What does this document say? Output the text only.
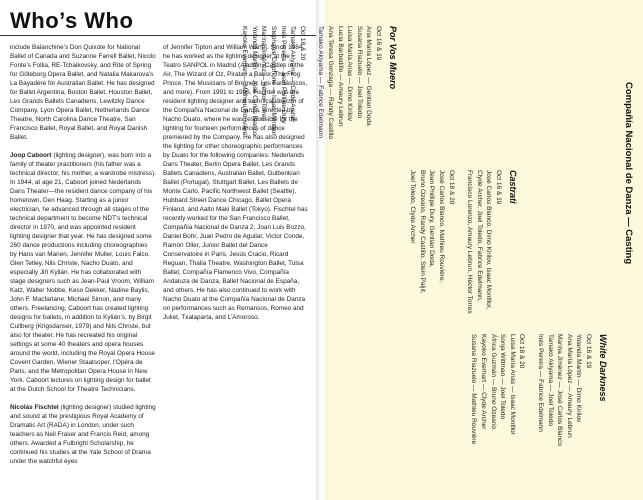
Who’s Who

include Balanchine’s Don Quixote for National Ballet of Canada and Suzanne Farrell Ballet, Nicolo Fonte’s Follia, RE-Tchaikovsky, and Rite of Spring for Göteborg Opera Ballet, and Natalia Makarova’s La Bayadère for Australian Ballet. He has designed for Ballet Argentina, Boston Ballet, Houston Ballet, Les Grands Ballets Canadiens, Lewitzky Dance Company, Lyon Opera Ballet, Netherlands Dance Theatre, North Carolina Dance Theatre, San Francisco Ballet, Royal Ballet, and Royal Danish Ballet.

Joop Caboort (lighting designer), was born into a family of theater practitioners (his father was a technical director, his mother, a wardrobe mistress). In 1944, at age 21, Caboort joined Nederlands Dans Theater—the resident dance company of his hometown, Den Haag. Starting as a junior electrician, he advanced through all stages of the technical department to become NDT’s technical director in 1970, and was appointed resident lighting designer that year. He has designed some 260 dance productions including choreographies by Hans van Manen, Jennifer Muller, Louis Falco, Glen Tetley, Nils Christe, Nacho Duato, and especially Jiří Kylián. He has collaborated with stage designers such as Jean-Paul Vroom, William Katz, Walter Nobbe, Keso Dekker, Nadine Baylis, John F. Macfarlane, Michael Simon, and many others. Freelancing, Caboort has created lighting designs for ballets, in addition to Kylián’s, by Birgit Cullberg (Krigsdanser, 1979) and Nils Christe, but also for theater. He has recreated his original settings at some 40 theaters and opera houses around the world, including the Royal Opera House Covent Garden, Wiener Staatsoper, l’Opéra de Paris, and the Metropolitan Opera House in New York. Caboort lectures on lighting design for ballet at the Dutch School for Theatre Technicians.

Nicolás Fischtel (lighting designer) studied lighting and sound at the prestigious Royal Academy of Dramatic Art (RADA) in London, under such teachers as Neil Fraser and Francis Reid, among others. Awarded a Fulbright Scholarship, he continued his studies at the Yale School of Drama under the watchful eyes

of Jennifer Tipton and William Warfel. Since 1984 he has worked as the lighting designer at the Teatro SANPOL in Madrid (Aladdin, Castles in the Air, The Wizard of Oz, Piratas a Babor, The Frog Prince, The Musicians of Bremen, Los Fantásticos, and more). From 1991 to 1996, Fischtel was the resident lighting designer and technical director of the Compañía Nacional de Danza, directed by Nacho Duato, where he was responsible for the lighting for fourteen performances of dance premiered by the Company. He has also designed the lighting for other choreographic performances by Duato for the following companies: Nederlands Dans Theater, Berlin Opera Ballet, Les Grands Ballets Canadiens, Australian Ballet, Gulbenkian Ballet (Portugal), Stuttgart Ballet, Les Ballets de Monte Carlo, Pacific Northwest Ballet (Seattle), Hubbard Street Dance Chicago, Ballet Opera Finland, and Aalto Maki Ballet (Tokyo). Fischtel has recently worked for the San Francisco Ballet, Compañía Nacional de Danza 2, Joan Luis Bozzo, Daniel Bohr, Juan Pedro de Aguilar, Victor Conde, Ramón Oller, Junior Ballet del Dance Conservatoire in Paris, Jesús Cracio, Ricard Reguan, Thalia Theatre, Washington Ballet, Tulsa Ballet, Compañía Flamenco Vivo, Compañía Andaluza de Danza, Ballet Nacional de España, and others. He has also continued to work with Nacho Duato at the Compañía Nacional de Danza on performances such as Remansos, Romeo and Juliet, Txalaparta, and L’Amoroso.

Compañía Nacional de Danza — Casting
Por Vos Muero
Oct 16 & 19
Ana María López — Gentian Doda
Susana Riazuelo — Joel Toledo
Luisa María Arias — Dimo Kirilov
Lucia Barbadillo — Amaury Lebrun
Ana Teresa Gonzaga — Randy Castillo
Tamako Akiyama — Fabrice Edelmann
Oct 18 & 20
Tamako Akiyama — Clyde Archer
Inés Pereira — Jean Phillipe Dury
Stephanie Dalphond — Isaac Montllor
Marina Jiménez — Héctor Torres
Yolanda Martín — José Carlos Blanco
Kayoko Everhart — Mathieu Rouvière
Castrati
Oct 16 & 19
José Carlos Blanco, Dimo Kirilov, Isaac Montllor,
Clyde Archer, Joel Toledo, Fabrice Edelmann,
Francisco Lorenzo, Amaury Lebrun, Héctor Torres
Oct 18 & 20
José Carlos Blanco, Mathieu Rouvière,
Jean Phillipe Dury, Gentian Doda,
Bruno Ozeario, Randy Castillo, Stein Paljit,
Joel Toledo, Clyde Archer
White Darkness
Oct 16 & 19
Yolanda Martín — Dimo Kirilov
Ana María López — Amaury Lebrun
Marina Jiménez — José Carlos Blanco
Tamako Akiyama — Joel Toledo
Inés Pereira — Fabrice Edelmann
Oct 18 & 20
Luisa María Arias — Isaac Montllor
Sonja Wittman — Joel Toledo
África Guzmán — Bruno Ozeario
Kayoko Everhart — Clyde Archer
Susana Riazuelo — Mathieu Rouvière
